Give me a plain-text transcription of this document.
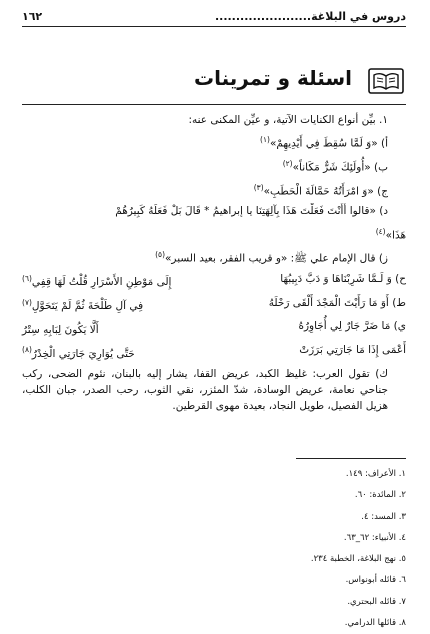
دروس في البلاغة.......................
١٦٢
اسئلة و تمرينات
١. بيِّن أنواع الكنايات الآتية، و عيِّن المكنى عنه:
أ) «وَ لَمَّا سُقِطَ فِي أَيْدِيهِمْ»$^{(١)}$
ب) «أُولَئِكَ شَرٌّ مَكَاناً»$^{(٢)}$
ج) «وَ امْرَأَتُهُ حَمَّالَةَ الْحَطَبِ»$^{(٣)}$
د) «قالوا أَأَنْتَ فَعَلْتَ هَذَا بِآلِهَتِنَا يا إبراهيمُ * قَالَ بَلْ فَعَلَهُ كَبِيرُهُمْ
هَذَا»$^{(٤)}$
ز) قال الإمام علي ﷺ: «و قريب الفقر، بعيد السبر»$^{(٥)}$
ح) وَ لَـمَّا شَرِبْنَاهَا وَ دَبَّ دَبِيبُهَا
إِلَى مَوْطِنِ الأَسْرَارِ قُلْتُ لَهَا قِفِي$^{(٦)}$
ط) أَوَ مَا رَأَيْتَ الْمَجْدَ أَلْقَى رَحْلَهُ
فِي آلِ طَلْحَةَ ثُمَّ لَمْ يَتَحَوَّلِ$^{(٧)}$
ي) مَا ضَرَّ جَارٌ لِي أُجَاوِرُهُ
أَلَّا يَكُونَ لِبَابِهِ سِتْرُ
أَعْمَى إِذَا مَا جَارَتِي بَرَزَتْ
حَتَّى يُوَارِيَ جَارَتِي الْخِدْرُ$^{(٨)}$
ك) تقول العرب: غليظ الكبد، عريض القفا، يشار إليه بالبنان، نئوم الضحى، ركب جناحي نعامة، عريض الوسادة، شدّ المئزر، نقي الثوب، رحب الصدر، جبان الكلب، هزيل الفصيل، طويل النجاد، بعيدة مهوى القرطين.
١. الأعراف: ١٤٩.
٢. المائدة: ٦٠.
٣. المسد: ٤.
٤. الأنبياء: ٦٢_٦٣.
٥. نهج البلاغة، الخطبة ٢٣٤.
٦. قائله أبونواس.
٧. قائله البحتري.
٨. قائلها الدرامي.
